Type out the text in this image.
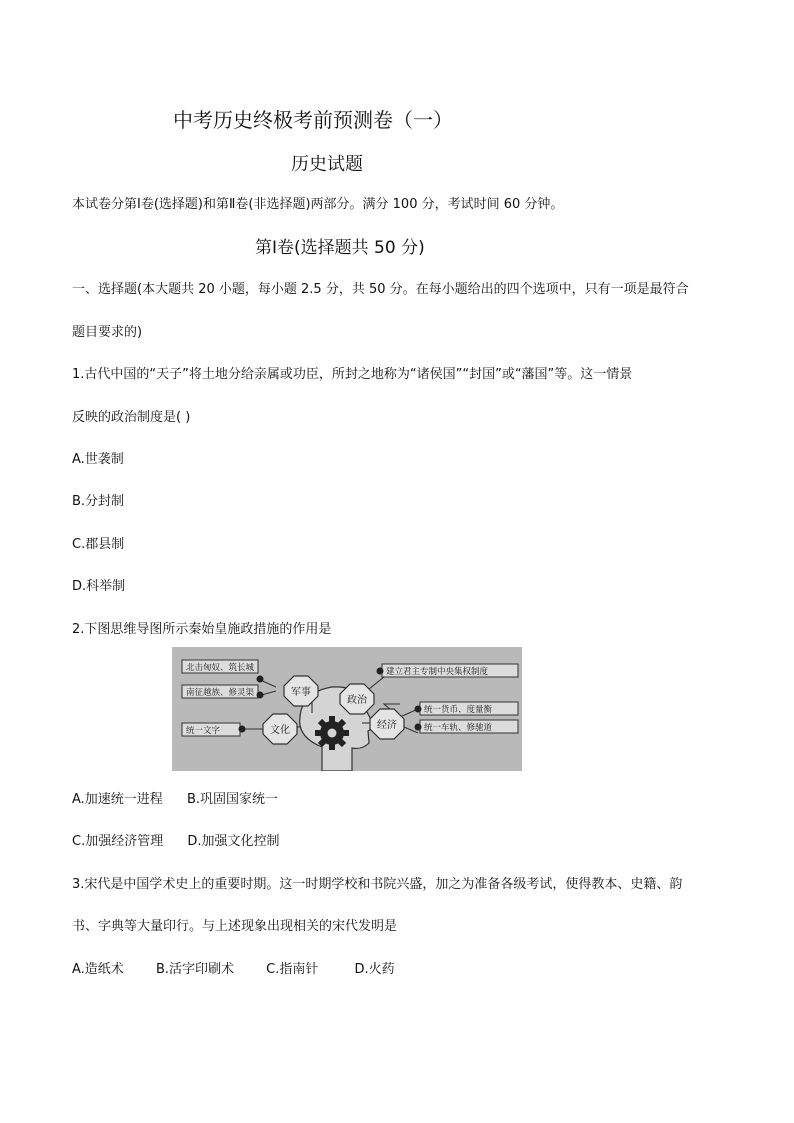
中考历史终极考前预测卷（一）
历史试题
本试卷分第Ⅰ卷(选择题)和第Ⅱ卷(非选择题)两部分。满分 100 分，考试时间 60 分钟。
第Ⅰ卷(选择题共 50 分)
一、选择题(本大题共 20 小题，每小题 2.5 分，共 50 分。在每小题给出的四个选项中，只有一项是最符合
题目要求的)
1.古代中国的“天子”将土地分给亲属或功臣，所封之地称为“诸侯国”“封国”或“藩国”等。这一情景
反映的政治制度是( )
A.世袭制
B.分封制
C.郡县制
D.科举制
2.下图思维导图所示秦始皇施政措施的作用是
军事
文化
政治
经济
北击匈奴、筑长城
南征越族、修灵渠
统一文字
建立君主专制中央集权制度
统一货币、度量衡
统一车轨、修驰道
A.加速统一进程 B.巩固国家统一
C.加强经济管理 D.加强文化控制
3.宋代是中国学术史上的重要时期。这一时期学校和书院兴盛，加之为准备各级考试，使得教本、史籍、韵
书、字典等大量印行。与上述现象出现相关的宋代发明是
A.造纸术 B.活字印刷术 C.指南针	D.火药
